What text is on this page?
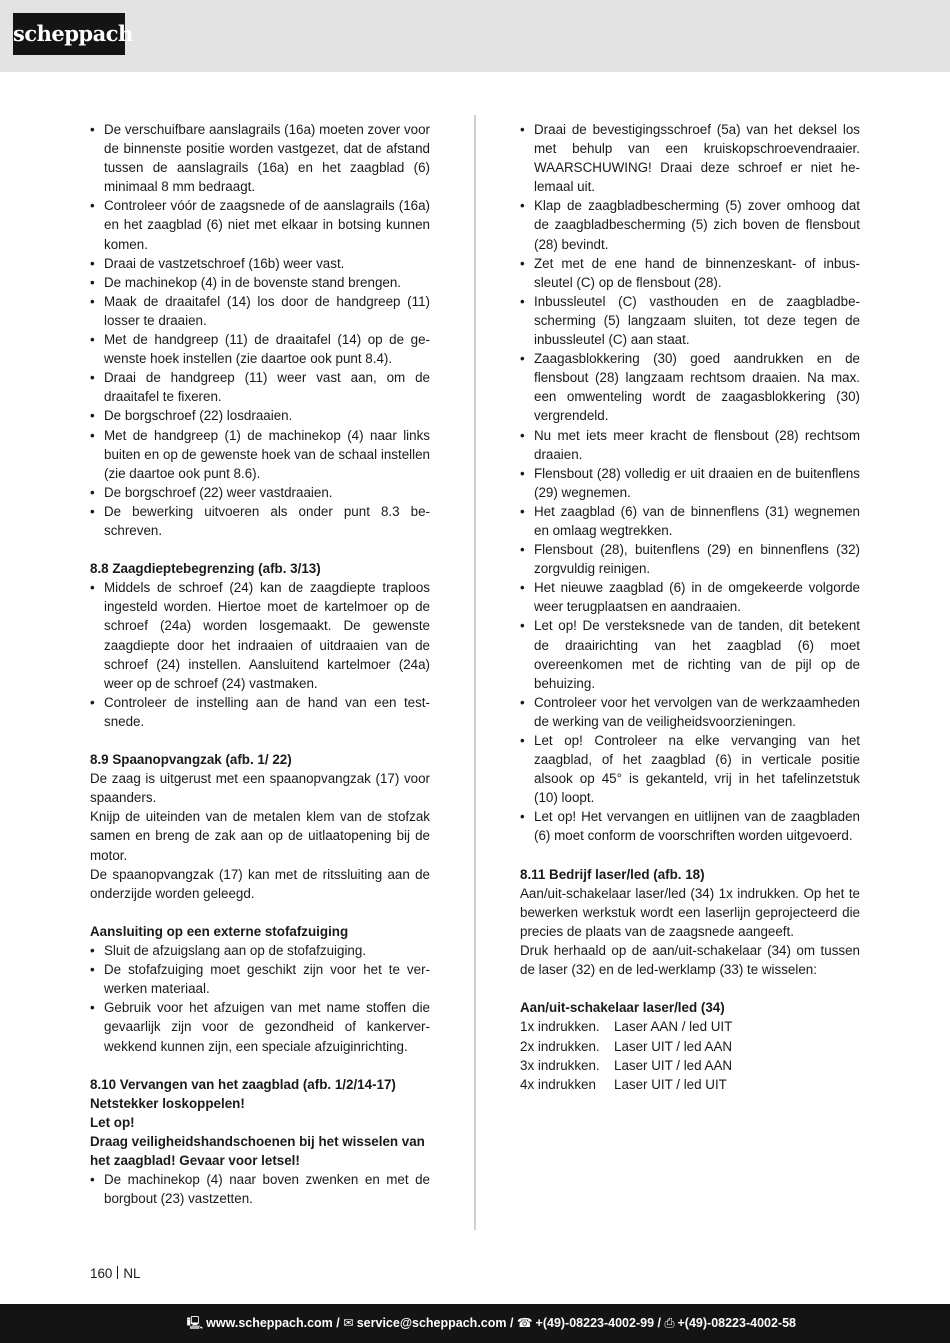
scheppach
• De verschuifbare aanslagrails (16a) moeten zover voor de binnenste positie worden vastgezet, dat de afstand tussen de aanslagrails (16a) en het zaagblad (6) minimaal 8 mm bedraagt.
• Controleer vóór de zaagsnede of de aanslagrails (16a) en het zaagblad (6) niet met elkaar in botsing kunnen komen.
• Draai de vastzetschroef (16b) weer vast.
• De machinekop (4) in de bovenste stand brengen.
• Maak de draaitafel (14) los door de handgreep (11) losser te draaien.
• Met de handgreep (11) de draaitafel (14) op de gewenste hoek instellen (zie daartoe ook punt 8.4).
• Draai de handgreep (11) weer vast aan, om de draaitafel te fixeren.
• De borgschroef (22) losdraaien.
• Met de handgreep (1) de machinekop (4) naar links buiten en op de gewenste hoek van de schaal instellen (zie daartoe ook punt 8.6).
• De borgschroef (22) weer vastdraaien.
• De bewerking uitvoeren als onder punt 8.3 beschreven.

8.8 Zaagdieptebegrenzing (afb. 3/13)

• Middels de schroef (24) kan de zaagdiepte traploos ingesteld worden. Hiertoe moet de kartelmoer op de schroef (24a) worden losgemaakt. De gewenste zaagdiepte door het indraaien of uitdraaien van de schroef (24) instellen. Aansluitend kartelmoer (24a) weer op de schroef (24) vastmaken.
• Controleer de instelling aan de hand van een testsnede.

8.9 Spaanopvangzak (afb. 1/ 22)

De zaag is uitgerust met een spaanopvangzak (17) voor spaanders.

Knijp de uiteinden van de metalen klem van de stofzak samen en breng de zak aan op de uitlaatopening bij de motor.

De spaanopvangzak (17) kan met de ritssluiting aan de onderzijde worden geleegd.

Aansluiting op een externe stofafzuiging

• Sluit de afzuigslang aan op de stofafzuiging.
• De stofafzuiging moet geschikt zijn voor het te verwerken materiaal.
• Gebruik voor het afzuigen van met name stoffen die gevaarlijk zijn voor de gezondheid of kankerverwekkend kunnen zijn, een speciale afzuiginrichting.

8.10 Vervangen van het zaagblad (afb. 1/2/14-17)

Netstekker loskoppelen!

Let op!

Draag veiligheidshandschoenen bij het wisselen van het zaagblad! Gevaar voor letsel!

• De machinekop (4) naar boven zwenken en met de borgbout (23) vastzetten.
• Draai de bevestigingsschroef (5a) van het deksel los met behulp van een kruiskopschroevendraaier. WAARSCHUWING! Draai deze schroef er niet helemaal uit.
• Klap de zaagbladbescherming (5) zover omhoog dat de zaagbladbescherming (5) zich boven de flensbout (28) bevindt.
• Zet met de ene hand de binnenzeskant- of inbussleutel (C) op de flensbout (28).
• Inbussleutel (C) vasthouden en de zaagbladbescherming (5) langzaam sluiten, tot deze tegen de inbussleutel (C) aan staat.
• Zaagasblokkering (30) goed aandrukken en de flensbout (28) langzaam rechtsom draaien. Na max. een omwenteling wordt de zaagasblokkering (30) vergrendeld.
• Nu met iets meer kracht de flensbout (28) rechtsom draaien.
• Flensbout (28) volledig er uit draaien en de buitenflens (29) wegnemen.
• Het zaagblad (6) van de binnenflens (31) wegnemen en omlaag wegtrekken.
• Flensbout (28), buitenflens (29) en binnenflens (32) zorgvuldig reinigen.
• Het nieuwe zaagblad (6) in de omgekeerde volgorde weer terugplaatsen en aandraaien.
• Let op! De versteksnede van de tanden, dit betekent de draairichting van het zaagblad (6) moet overeenkomen met de richting van de pijl op de behuizing.
• Controleer voor het vervolgen van de werkzaamheden de werking van de veiligheidsvoorzieningen.
• Let op! Controleer na elke vervanging van het zaagblad, of het zaagblad (6) in verticale positie alsook op 45° is gekanteld, vrij in het tafelinzetstuk (10) loopt.
• Let op! Het vervangen en uitlijnen van de zaagbladen (6) moet conform de voorschriften worden uitgevoerd.

8.11 Bedrijf laser/led (afb. 18)

Aan/uit-schakelaar laser/led (34) 1x indrukken. Op het te bewerken werkstuk wordt een laserlijn geprojecteerd die precies de plaats van de zaagsnede aangeeft.

Druk herhaald op de aan/uit-schakelaar (34) om tussen de laser (32) en de led-werklamp (33) te wisselen:

Aan/uit-schakelaar laser/led (34)

1x indrukken.	Laser AAN / led UIT
2x indrukken.	Laser UIT / led AAN
3x indrukken.	Laser UIT / led AAN
4x indrukken	Laser UIT / led UIT
160 NL
🖳 www.scheppach.com / ✉ service@scheppach.com / ☎ +(49)-08223-4002-99 / ⎙ +(49)-08223-4002-58
